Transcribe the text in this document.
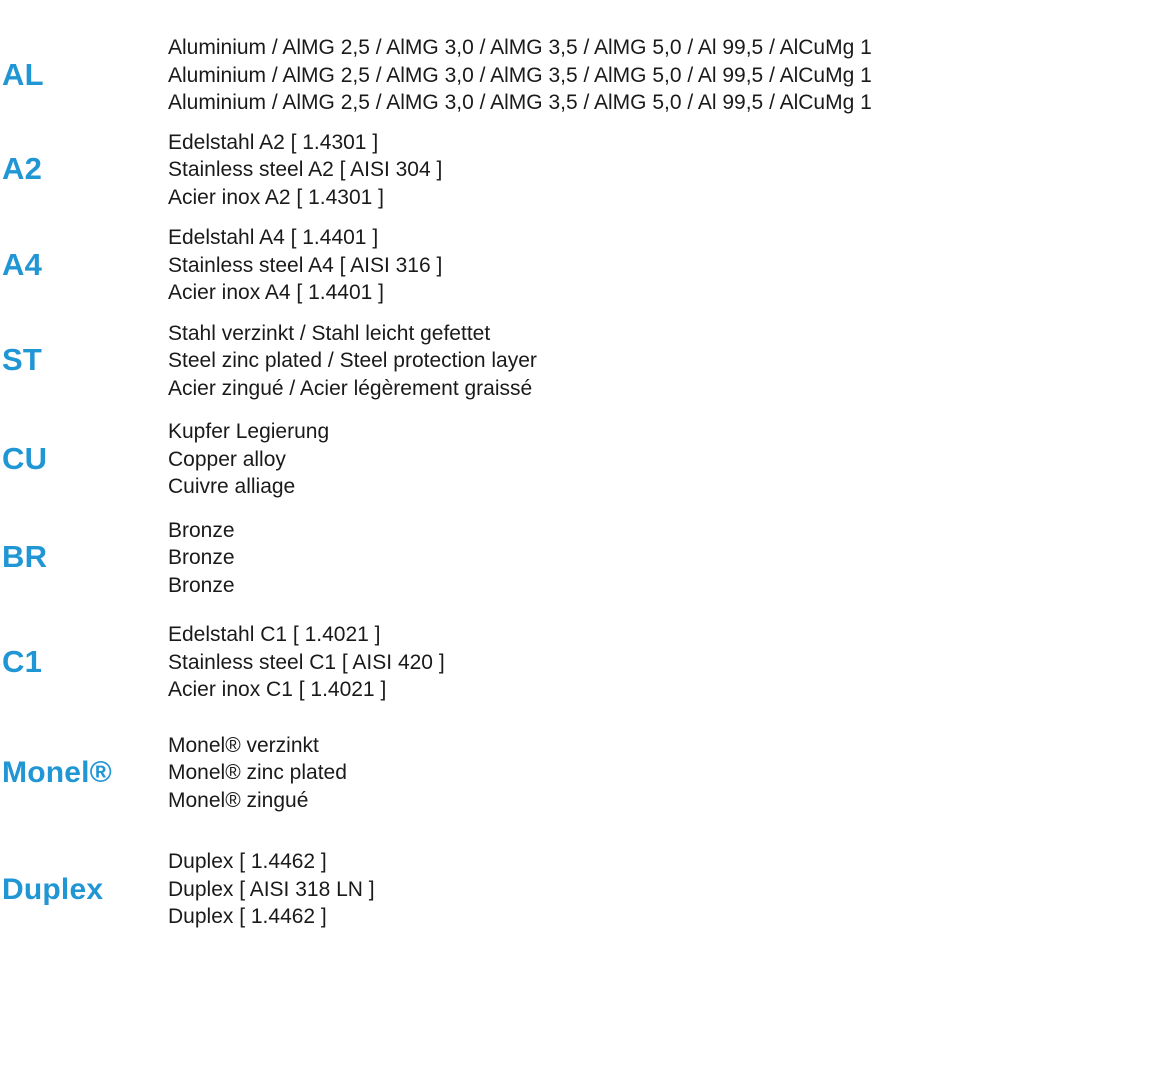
AL
Aluminium / AlMG 2,5 / AlMG 3,0 / AlMG 3,5 / AlMG 5,0 / Al 99,5 / AlCuMg 1
Aluminium / AlMG 2,5 / AlMG 3,0 / AlMG 3,5 / AlMG 5,0 / Al 99,5 / AlCuMg 1
Aluminium / AlMG 2,5 / AlMG 3,0 / AlMG 3,5 / AlMG 5,0 / Al 99,5 / AlCuMg 1
A2
Edelstahl A2 [ 1.4301 ]
Stainless steel A2 [ AISI 304 ]
Acier inox A2 [ 1.4301 ]
A4
Edelstahl A4 [ 1.4401 ]
Stainless steel A4 [ AISI 316 ]
Acier inox A4 [ 1.4401 ]
ST
Stahl verzinkt / Stahl leicht gefettet
Steel zinc plated / Steel protection layer
Acier zingué / Acier légèrement graissé
CU
Kupfer Legierung
Copper alloy
Cuivre alliage
BR
Bronze
Bronze
Bronze
C1
Edelstahl C1 [ 1.4021 ]
Stainless steel C1 [ AISI 420 ]
Acier inox C1 [ 1.4021 ]
Monel®
Monel® verzinkt
Monel® zinc plated
Monel® zingué
Duplex
Duplex [ 1.4462 ]
Duplex [ AISI 318 LN ]
Duplex [ 1.4462 ]
